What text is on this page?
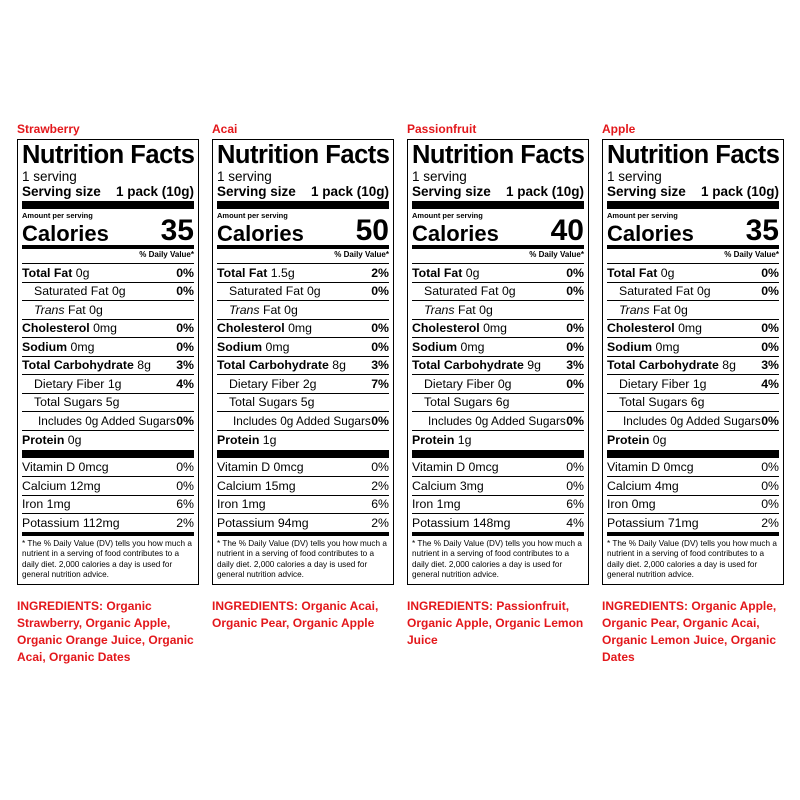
Strawberry
Nutrition Facts
1 serving
Serving size 1 pack (10g)
Amount per serving
Calories 35
% Daily Value*
Total Fat 0g	0%
Saturated Fat 0g	0%
Trans Fat 0g
Cholesterol 0mg	0%
Sodium 0mg	0%
Total Carbohydrate 8g 3%
Dietary Fiber 1g	4%
Total Sugars 5g
Includes 0g Added Sugars 0%
Protein 0g
Vitamin D 0mcg	0%
Calcium 12mg	0%
Iron 1mg	6%
Potassium 112mg	2%
* The % Daily Value (DV) tells you how much a nutrient in a serving of food contributes to a daily diet. 2,000 calories a day is used for general nutrition advice.
INGREDIENTS: Organic Strawberry, Organic Apple, Organic Orange Juice, Organic Acai, Organic Dates
Acai
Nutrition Facts
1 serving
Serving size 1 pack (10g)
Amount per serving
Calories 50
% Daily Value*
Total Fat 1.5g	2%
Saturated Fat 0g	0%
Trans Fat 0g
Cholesterol 0mg	0%
Sodium 0mg	0%
Total Carbohydrate 8g 3%
Dietary Fiber 2g	7%
Total Sugars 5g
Includes 0g Added Sugars 0%
Protein 1g
Vitamin D 0mcg	0%
Calcium 15mg	2%
Iron 1mg	6%
Potassium 94mg	2%
* The % Daily Value (DV) tells you how much a nutrient in a serving of food contributes to a daily diet. 2,000 calories a day is used for general nutrition advice.
INGREDIENTS: Organic Acai, Organic Pear, Organic Apple
Passionfruit
Nutrition Facts
1 serving
Serving size 1 pack (10g)
Amount per serving
Calories 40
% Daily Value*
Total Fat 0g	0%
Saturated Fat 0g	0%
Trans Fat 0g
Cholesterol 0mg	0%
Sodium 0mg	0%
Total Carbohydrate 9g 3%
Dietary Fiber 0g	0%
Total Sugars 6g
Includes 0g Added Sugars 0%
Protein 1g
Vitamin D 0mcg	0%
Calcium 3mg	0%
Iron 1mg	6%
Potassium 148mg	4%
* The % Daily Value (DV) tells you how much a nutrient in a serving of food contributes to a daily diet. 2,000 calories a day is used for general nutrition advice.
INGREDIENTS: Passionfruit, Organic Apple, Organic Lemon Juice
Apple
Nutrition Facts
1 serving
Serving size 1 pack (10g)
Amount per serving
Calories 35
% Daily Value*
Total Fat 0g	0%
Saturated Fat 0g	0%
Trans Fat 0g
Cholesterol 0mg	0%
Sodium 0mg	0%
Total Carbohydrate 8g 3%
Dietary Fiber 1g	4%
Total Sugars 6g
Includes 0g Added Sugars 0%
Protein 0g
Vitamin D 0mcg	0%
Calcium 4mg	0%
Iron 0mg	0%
Potassium 71mg	2%
* The % Daily Value (DV) tells you how much a nutrient in a serving of food contributes to a daily diet. 2,000 calories a day is used for general nutrition advice.
INGREDIENTS: Organic Apple, Organic Pear, Organic Acai, Organic Lemon Juice, Organic Dates
